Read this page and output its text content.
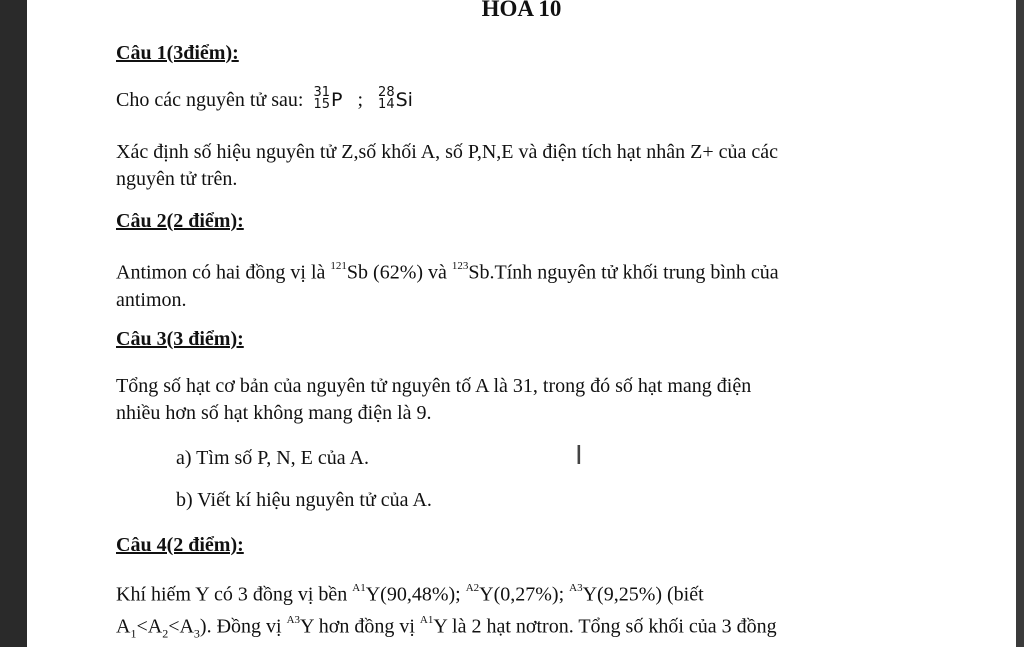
HOA 10
Câu 1(3điểm):
Cho các nguyên tử sau: 31
15 P ; 28
14 Si
Xác định số hiệu nguyên tử Z,số khối A, số P,N,E và điện tích hạt nhân Z+ của các
nguyên tử trên.
Câu 2(2 điểm):
Antimon có hai đồng vị là $^{121}$Sb (62%) và $^{123}$Sb.Tính nguyên tử khối trung bình của
antimon.
Câu 3(3 điểm):
Tổng số hạt cơ bản của nguyên tử nguyên tố A là 31, trong đó số hạt mang điện
nhiều hơn số hạt không mang điện là 9.
a) Tìm số P, N, E của A.
b) Viết kí hiệu nguyên tử của A.
I
Câu 4(2 điểm):
Khí hiếm Y có 3 đồng vị bền $^{A1}$Y(90,48%); $^{A2}$Y(0,27%); $^{A3}$Y(9,25%) (biết
$A_1<A_2<A_3$). Đồng vị $^{A3}$Y hơn đồng vị $^{A1}$Y là 2 hạt nơtron. Tổng số khối của 3 đồng
